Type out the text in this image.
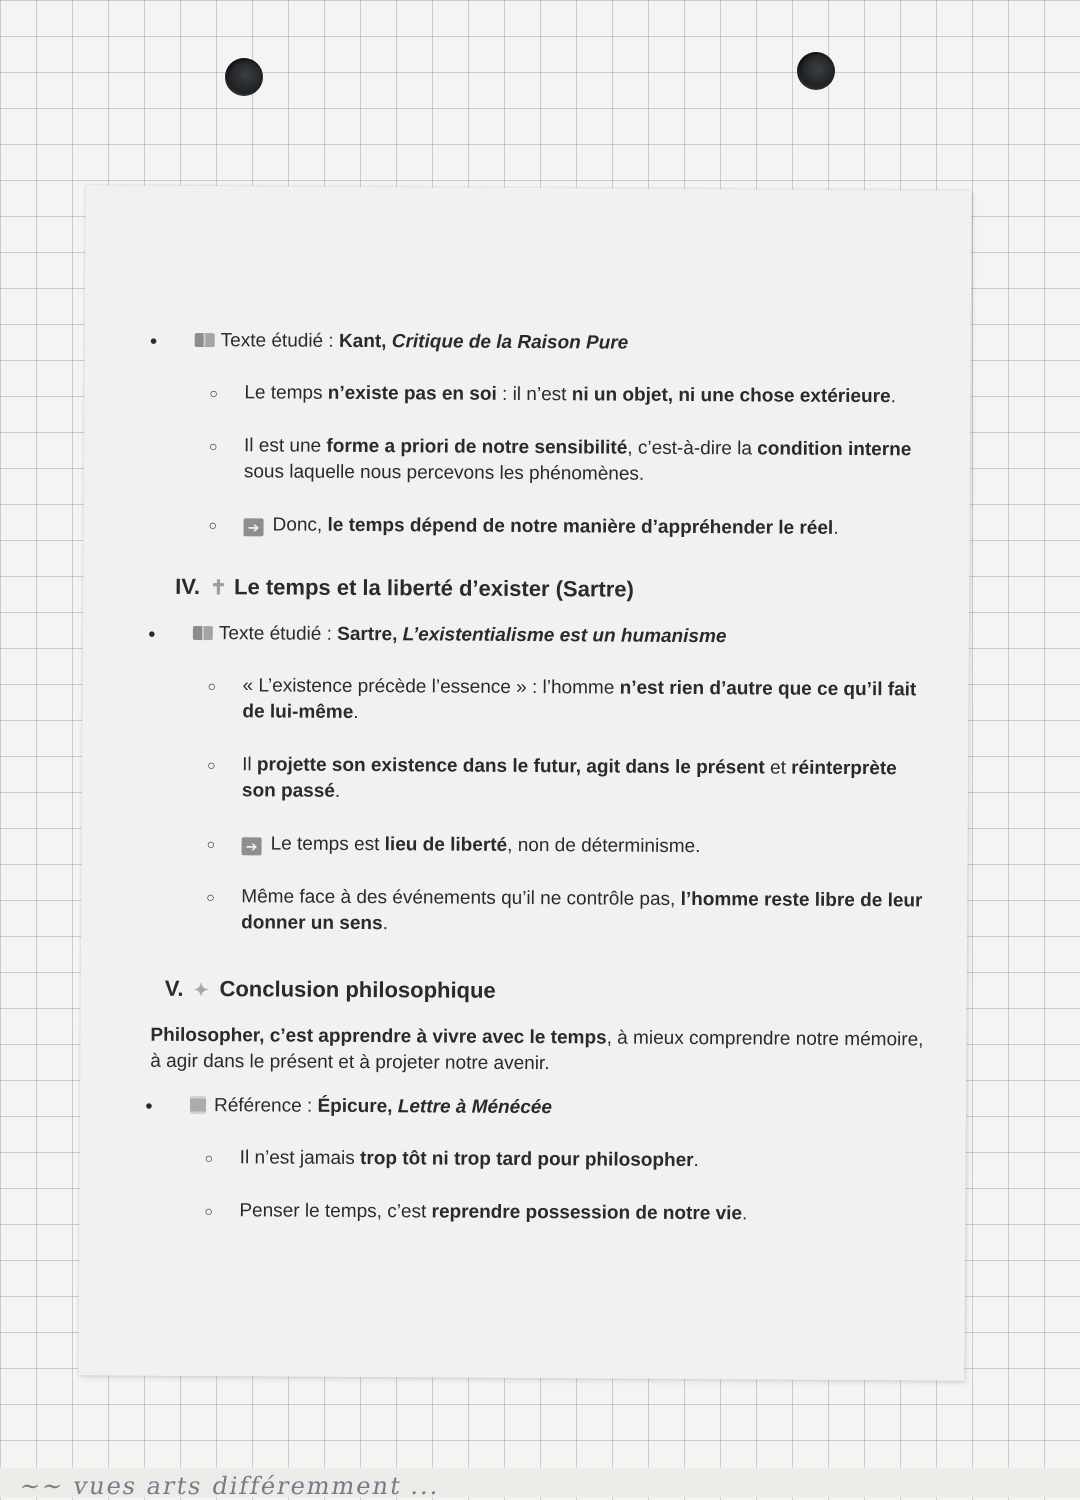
● Texte étudié : Kant, Critique de la Raison Pure
○ Le temps n’existe pas en soi : il n’est ni un objet, ni une chose extérieure.
○ Il est une forme a priori de notre sensibilité, c’est-à-dire la condition interne sous laquelle nous percevons les phénomènes.
○ ➔ Donc, le temps dépend de notre manière d’appréhender le réel.
IV. ✝ Le temps et la liberté d’exister (Sartre)
● Texte étudié : Sartre, L’existentialisme est un humanisme
○ « L’existence précède l’essence » : l’homme n’est rien d’autre que ce qu’il fait de lui-même.
○ Il projette son existence dans le futur, agit dans le présent et réinterprète son passé.
○ ➔ Le temps est lieu de liberté, non de déterminisme.
○ Même face à des événements qu’il ne contrôle pas, l’homme reste libre de leur donner un sens.
V. ✦ Conclusion philosophique

Philosopher, c’est apprendre à vivre avec le temps, à mieux comprendre notre mémoire, à agir dans le présent et à projeter notre avenir.

● Référence : Épicure, Lettre à Ménécée
○ Il n’est jamais trop tôt ni trop tard pour philosopher.
○ Penser le temps, c’est reprendre possession de notre vie.
~~ vues arts différemment ...
